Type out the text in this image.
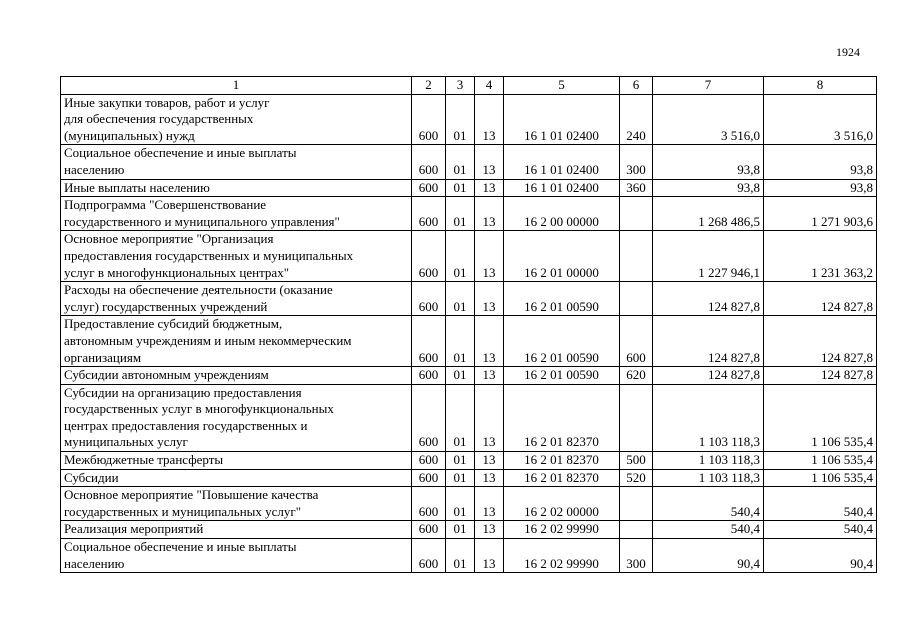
1924
1	2	3	4	5	6	7	8
Иные закупки товаров, работ и услуг
для обеспечения государственных
(муниципальных) нужд	600	01	13	16 1 01 02400	240	3 516,0	3 516,0
Социальное обеспечение и иные выплаты
населению	600	01	13	16 1 01 02400	300	93,8	93,8
Иные выплаты населению	600	01	13	16 1 01 02400	360	93,8	93,8
Подпрограмма "Совершенствование
государственного и муниципального управления"	600	01	13	16 2 00 00000		1 268 486,5	1 271 903,6
Основное мероприятие "Организация
предоставления государственных и муниципальных
услуг в многофункциональных центрах"	600	01	13	16 2 01 00000		1 227 946,1	1 231 363,2
Расходы на обеспечение деятельности (оказание
услуг) государственных учреждений	600	01	13	16 2 01 00590		124 827,8	124 827,8
Предоставление субсидий бюджетным,
автономным учреждениям и иным некоммерческим
организациям	600	01	13	16 2 01 00590	600	124 827,8	124 827,8
Субсидии автономным учреждениям	600	01	13	16 2 01 00590	620	124 827,8	124 827,8
Субсидии на организацию предоставления
государственных услуг в многофункциональных
центрах предоставления государственных и
муниципальных услуг	600	01	13	16 2 01 82370		1 103 118,3	1 106 535,4
Межбюджетные трансферты	600	01	13	16 2 01 82370	500	1 103 118,3	1 106 535,4
Субсидии	600	01	13	16 2 01 82370	520	1 103 118,3	1 106 535,4
Основное мероприятие "Повышение качества
государственных и муниципальных услуг"	600	01	13	16 2 02 00000		540,4	540,4
Реализация мероприятий	600	01	13	16 2 02 99990		540,4	540,4
Социальное обеспечение и иные выплаты
населению	600	01	13	16 2 02 99990	300	90,4	90,4
